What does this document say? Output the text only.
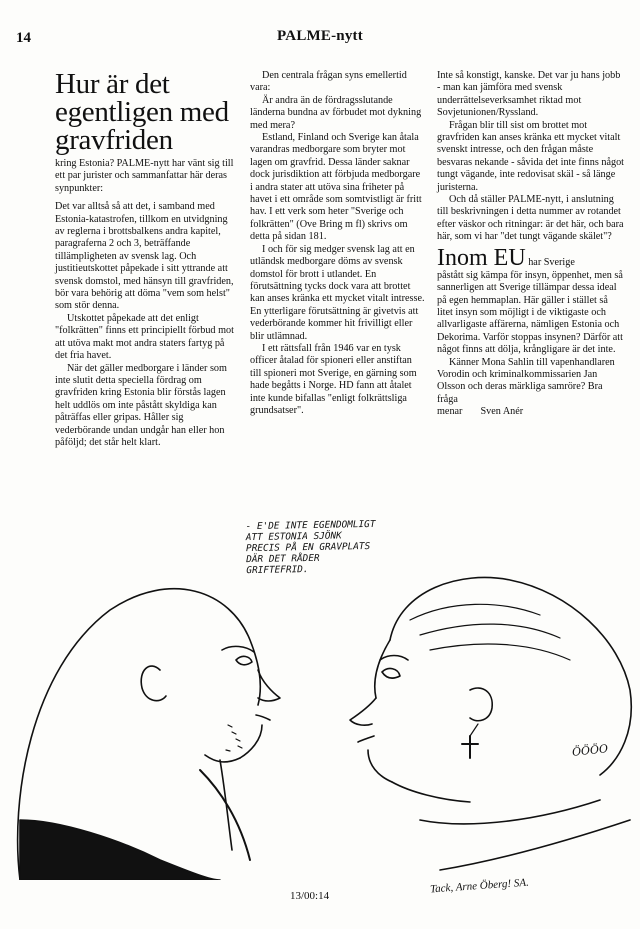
14	PALME-nytt
Hur är det egentligen med gravfriden

kring Estonia? PALME-nytt har vänt sig till ett par jurister och sammanfattar här deras synpunkter:

Det var alltså så att det, i samband med Estonia-katastrofen, tillkom en utvidgning av reglerna i brottsbalkens andra kapitel, paragraferna 2 och 3, beträffande tillämpligheten av svensk lag. Och justitieutskottet påpekade i sitt yttrande att svensk domstol, med hänsyn till gravfriden, bör vara behörig att döma "vem som helst" som stör denna.

Utskottet påpekade att det enligt "folkrätten" finns ett principiellt förbud mot att utöva makt mot andra staters fartyg på det fria havet.

När det gäller medborgare i länder som inte slutit detta speciella fördrag om gravfriden kring Estonia blir förstås lagen helt uddlös om inte påstått skyldiga kan påträffas eller gripas. Håller sig vederbörande undan undgår han eller hon påföljd; det står helt klart.

Den centrala frågan syns emellertid vara:

Är andra än de fördragsslutande länderna bundna av förbudet mot dykning med mera?

Estland, Finland och Sverige kan åtala varandras medborgare som bryter mot lagen om gravfrid. Dessa länder saknar dock jurisdiktion att förbjuda medborgare i andra stater att utöva sina friheter på havet i ett område som somtvistligt är fritt hav. I ett verk som heter "Sverige och folkrätten" (Ove Bring m fl) skrivs om detta på sidan 181.

I och för sig medger svensk lag att en utländsk medborgare döms av svensk domstol för brott i utlandet. En förutsättning tycks dock vara att brottet kan anses kränka ett mycket vitalt intresse. En ytterligare förutsättning är givetvis att vederbörande kommer hit frivilligt eller blir utlämnad.

I ett rättsfall från 1946 var en tysk officer åtalad för spioneri eller anstiftan till spioneri mot Sverige, en gärning som hade begåtts i Norge. HD fann att åtalet inte kunde bifallas "enligt folkrättsliga grundsatser".

Inte så konstigt, kanske. Det var ju hans jobb - man kan jämföra med svensk underrättelseverksamhet riktad mot Sovjetunionen/Ryssland.

Frågan blir till sist om brottet mot gravfriden kan anses kränka ett mycket vitalt svenskt intresse, och den frågan måste besvaras nekande - såvida det inte finns något tungt vägande, inte redovisat skäl - så länge juristerna.

Och då ställer PALME-nytt, i anslutning till beskrivningen i detta nummer av rotandet efter väskor och ritningar: är det här, och bara här, som vi har "det tungt vägande skälet"?

Inom EU har Sverige

påstått sig kämpa för insyn, öppenhet, men så sannerligen att Sverige tillämpar dessa ideal på egen hemmaplan. Här gäller i stället så litet insyn som möjligt i de viktigaste och allvarligaste affärerna, nämligen Estonia och Dekorima. Varför stoppas insynen? Därför att något finns att dölja, krångligare är det inte.

Känner Mona Sahlin till vapenhandlaren Vorodin och kriminalkommissarien Jan Olsson och deras märkliga samröre? Bra fråga

menar Sven Anér
- E'DE INTE EGENDOMLIGT
ATT ESTONIA SJÖNK
PRECIS PÅ EN GRAVPLATS
DÄR DET RÅDER
GRIFTEFRID.
ÖÖÖO
13/00:14
Tack, Arne Öberg! SA.
